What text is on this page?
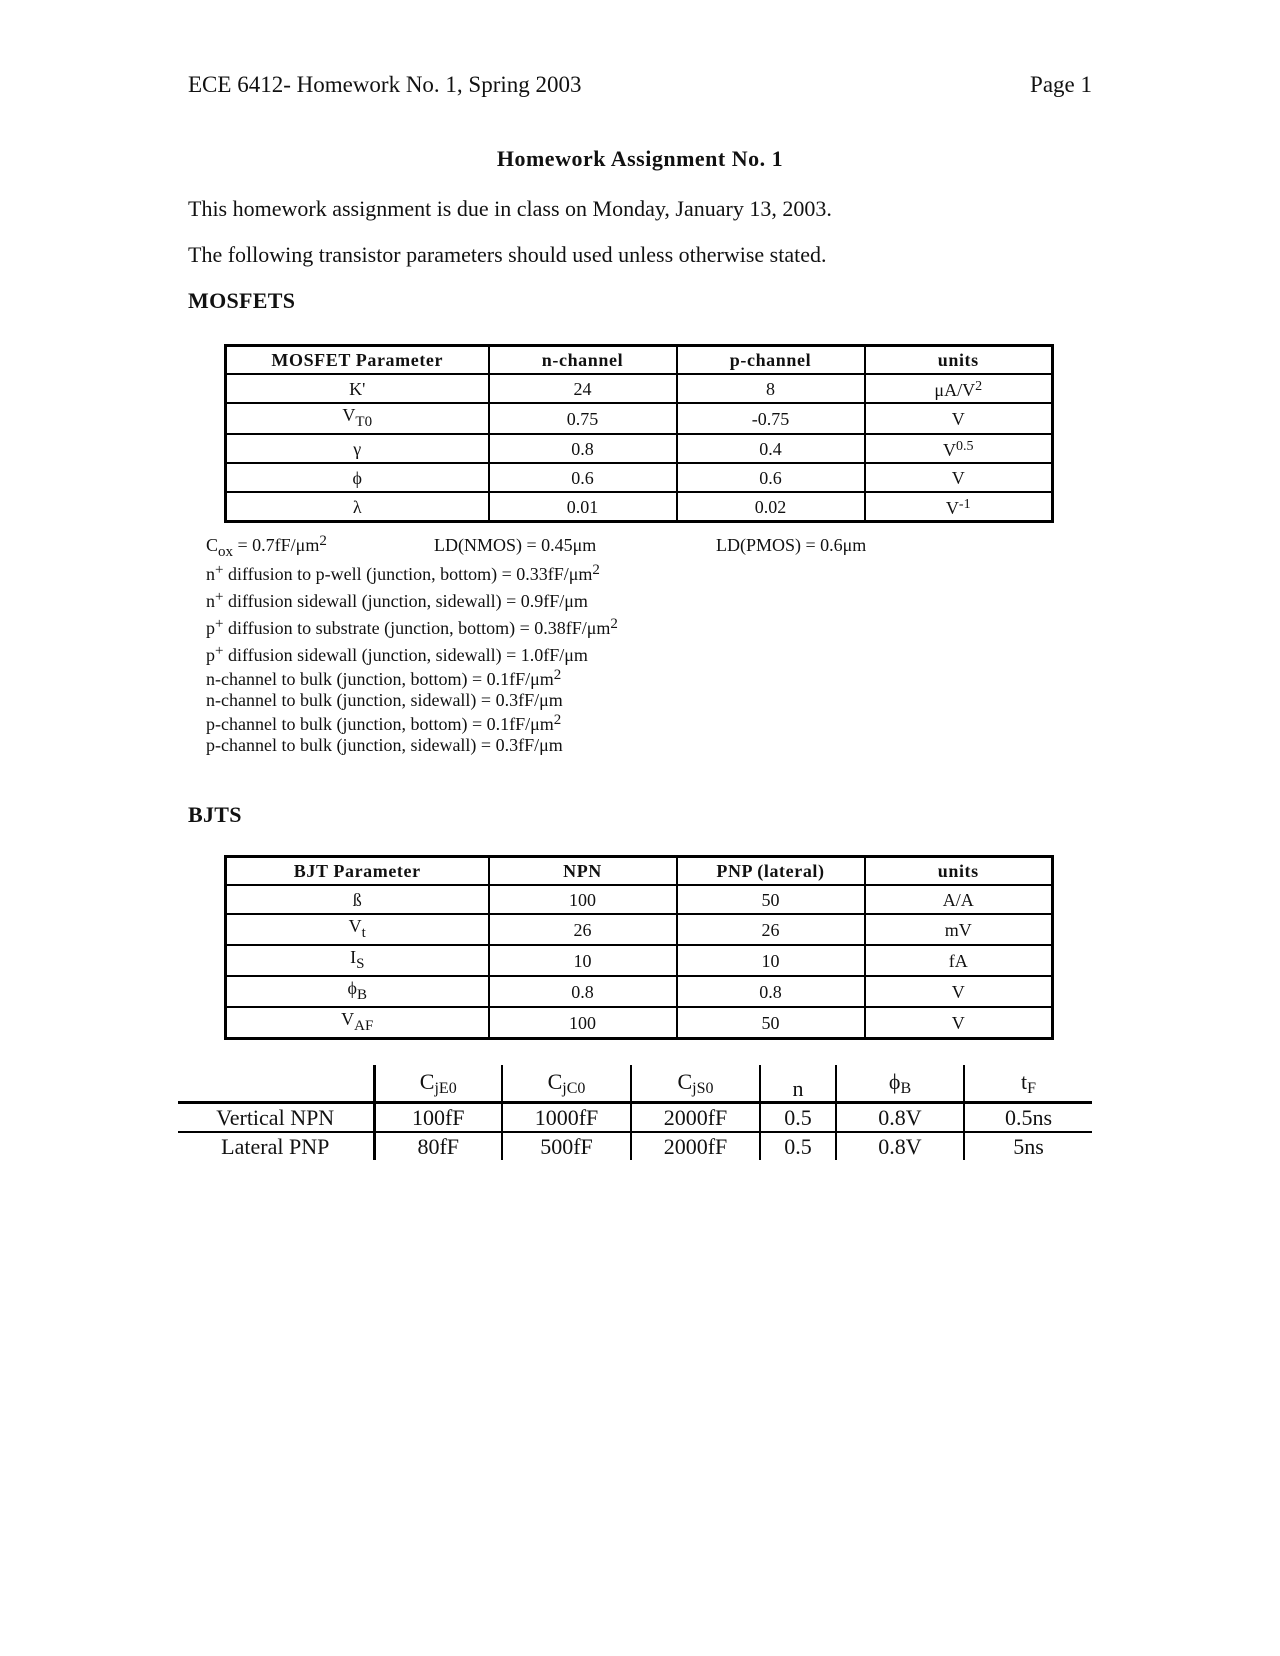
ECE 6412- Homework No. 1, Spring 2003	Page 1
Homework Assignment No. 1
This homework assignment is due in class on Monday, January 13, 2003.
The following transistor parameters should used unless otherwise stated.
MOSFETS
MOSFET Parameter	n-channel	p-channel	units
K'	24	8	$\mu A/V^2$
$V_{T0}$	0.75	-0.75	V
γ	0.8	0.4	$V^{0.5}$
ϕ	0.6	0.6	V
λ	0.01	0.02	$V^{-1}$
$C_{ox} = 0.7fF/\mu m^2$	LD(NMOS) = 0.45μm	LD(PMOS) = 0.6μm
n+ diffusion to p-well (junction, bottom) = $0.33fF/\mu m^2$
n+ diffusion sidewall (junction, sidewall) = 0.9fF/μm
p+ diffusion to substrate (junction, bottom) = $0.38fF/\mu m^2$
p+ diffusion sidewall (junction, sidewall) = 1.0fF/μm
n-channel to bulk (junction, bottom) = $0.1fF/\mu m^2$
n-channel to bulk (junction, sidewall) = 0.3fF/μm
p-channel to bulk (junction, bottom) = $0.1fF/\mu m^2$
p-channel to bulk (junction, sidewall) = 0.3fF/μm
BJTS
BJT Parameter	NPN	PNP (lateral)	units
ß	100	50	A/A
$V_t$	26	26	mV
$I_S$	10	10	fA
$\phi_B$	0.8	0.8	V
$V_{AF}$	100	50	V
	$C_{jE0}$	$C_{jC0}$	$C_{jS0}$	n	$\phi_B$	$t_F$
Vertical NPN	100fF	1000fF	2000fF	0.5	0.8V	0.5ns
Lateral PNP	80fF	500fF	2000fF	0.5	0.8V	5ns
